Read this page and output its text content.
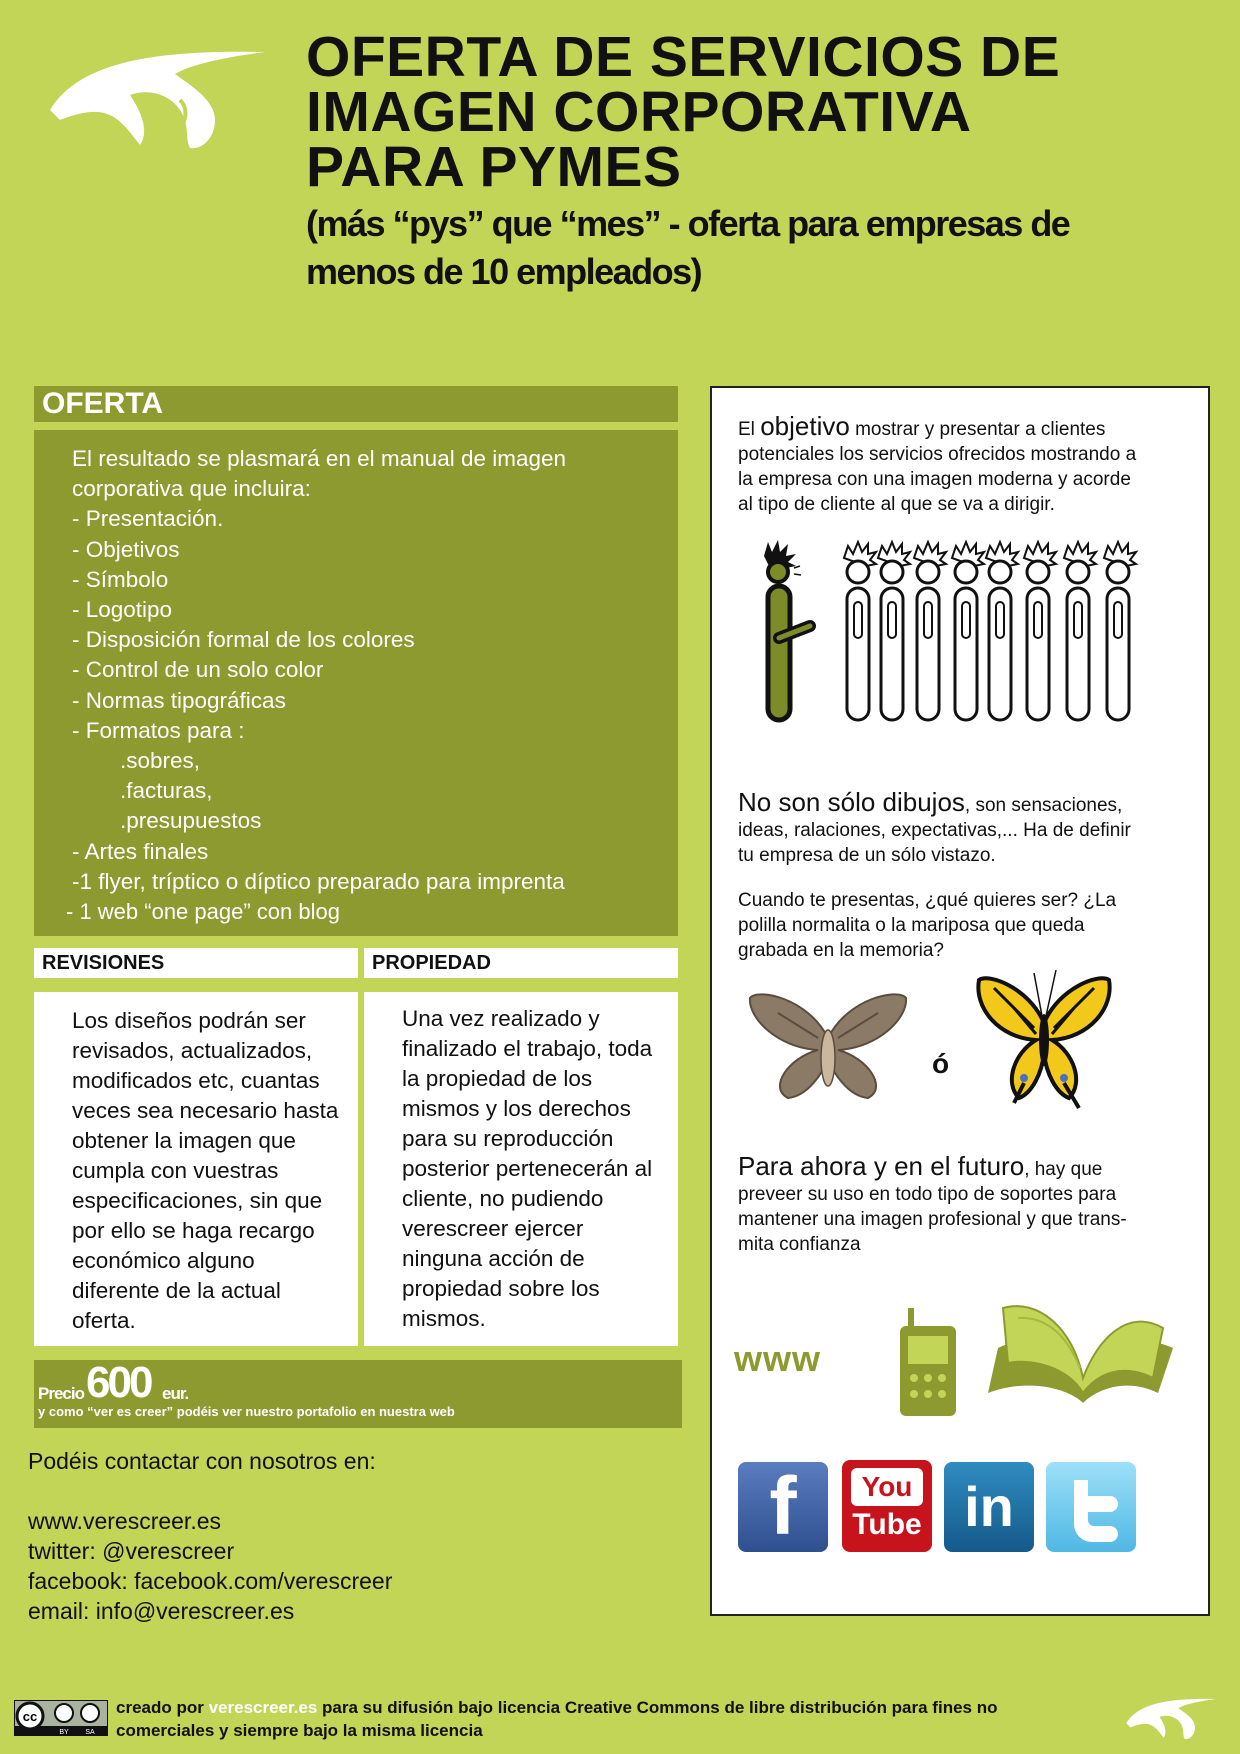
OFERTA DE SERVICIOS DE
IMAGEN CORPORATIVA
PARA PYMES
(más “pys” que “mes” - oferta para empresas de
menos de 10 empleados)
OFERTA

El resultado se plasmará en el manual de imagen

corporativa que incluira:

- Presentación.

- Objetivos

- Símbolo

- Logotipo

- Disposición formal de los colores

- Control de un solo color

- Normas tipográficas

- Formatos para :

.sobres,

.facturas,

.presupuestos

- Artes finales

-1 flyer, tríptico o díptico preparado para imprenta

- 1 web “one page” con blog

REVISIONES	PROPIEDAD
Los diseños podrán ser
revisados, actualizados,
modificados etc, cuantas
veces sea necesario hasta
obtener la imagen que
cumpla con vuestras
especificaciones, sin que
por ello se haga recargo
económico alguno
diferente de la actual
oferta.
Una vez realizado y
finalizado el trabajo, toda
la propiedad de los
mismos y los derechos
para su reproducción
posterior pertenecerán al
cliente, no pudiendo
verescreer ejercer
ninguna acción de
propiedad sobre los
mismos.
Precio 600 eur.
y como “ver es creer” podéis ver nuestro portafolio en nuestra web

Podéis contactar con nosotros en:

www.verescreer.es

twitter: @verescreer

facebook: facebook.com/verescreer

email: info@verescreer.es

El objetivo mostrar y presentar a clientes
potenciales los servicios ofrecidos mostrando a
la empresa con una imagen moderna y acorde
al tipo de cliente al que se va a dirigir.
No son sólo dibujos, son sensaciones,
ideas, ralaciones, expectativas,... Ha de definir
tu empresa de un sólo vistazo.
Cuando te presentas, ¿qué quieres ser? ¿La
polilla normalita o la mariposa que queda
grabada en la memoria?
ó
Para ahora y en el futuro, hay que
preveer su uso en todo tipo de soportes para
mantener una imagen profesional y que trans-
mita confianza
www
f	You
Tube in
cc
BY SA
creado por verescreer.es para su difusión bajo licencia Creative Commons de libre distribución para fines no
comerciales y siempre bajo la misma licencia
